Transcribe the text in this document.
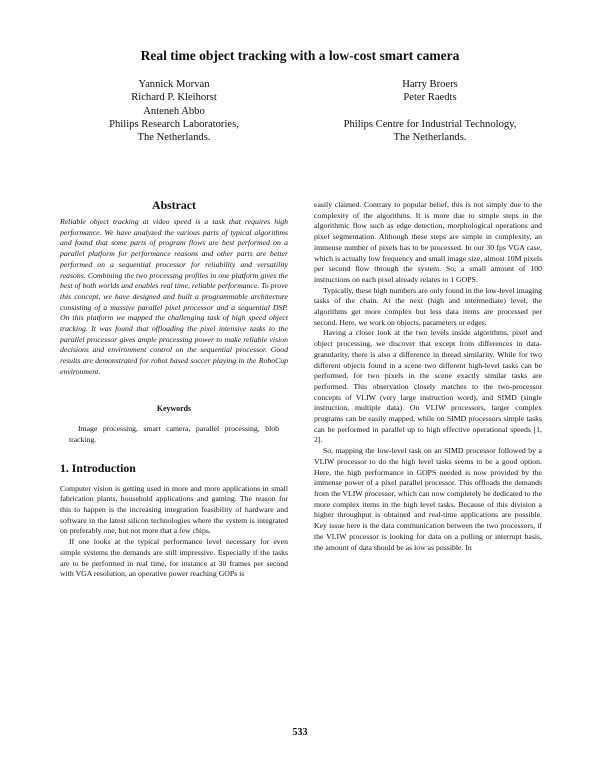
Real time object tracking with a low-cost smart camera
Yannick Morvan
Richard P. Kleihorst
Anteneh Abbo
Philips Research Laboratories,
The Netherlands.
Harry Broers
Peter Raedts

Philips Centre for Industrial Technology,
The Netherlands.
Abstract

Reliable object tracking at video speed is a task that requires high performance. We have analyzed the various parts of typical algorithms and found that some parts of program flows are best performed on a parallel platform for performance reasons and other parts are better performed on a sequential processor for reliability and versatility reasons. Combining the two processing profiles in one platform gives the best of both worlds and enables real time, reliable performance. To prove this concept, we have designed and built a programmable architecture consisting of a massive parallel pixel processor and a sequential DSP. On this platform we mapped the challenging task of high speed object tracking. It was found that offloading the pixel intensive tasks to the parallel processor gives ample processing power to make reliable vision decisions and environment control on the sequential processor. Good results are demonstrated for robot based soccer playing in the RoboCup environment.

Keywords

Image processing, smart camera, parallel processing, blob tracking.

1. Introduction

Computer vision is getting used in more and more applications in small fabrication plants, household applications and gaming. The reason for this to happen is the increasing integration feasibility of hardware and software in the latest silicon technologies where the system is integrated on preferably one, but not more that a few chips.

If one looks at the typical performance level necessary for even simple systems the demands are still impressive. Especially if the tasks are to be performed in real time, for instance at 30 frames per second with VGA resolution, an operative power reaching GOPs is

easily claimed. Contrary to popular belief, this is not simply due to the complexity of the algorithms. It is more due to simple steps in the algorithmic flow such as edge detection, morphological operations and pixel segmentation. Although these steps are simple in complexity, an immense number of pixels has to be processed. In our 30 fps VGA case, which is actually low frequency and small image size, almost 10M pixels per second flow through the system. So, a small amount of 100 instructions on each pixel already relates to 1 GOPS.

Typically, these high numbers are only found in the low-level imaging tasks of the chain. At the next (high and intermediate) level, the algorithms get more complex but less data items are processed per second. Here, we work on objects, parameters or edges.

Having a closer look at the two levels inside algorithms, pixel and object processing, we discover that except from differences in data-granularity, there is also a difference in thread similarity. While for two different objects found in a scene two different high-level tasks can be performed, for two pixels in the scene exactly similar tasks are performed. This observation closely matches to the two-processor concepts of VLIW (very large instruction word), and SIMD (single instruction, multiple data). On VLIW processors, larger complex programs can be easily mapped, while on SIMD processors simple tasks can be performed in parallel up to high effective operational speeds [1, 2].

So, mapping the low-level task on an SIMD processor followed by a VLIW processor to do the high level tasks seems to be a good option. Here, the high performance in GOPS needed is now provided by the immense power of a pixel parallel processor. This offloads the demands from the VLIW processor, which can now completely be dedicated to the more complex items in the high level tasks. Because of this division a higher throughput is obtained and real-time applications are possible. Key issue here is the data communication between the two processors, if the VLIW processor is looking for data on a polling or interrupt basis, the amount of data should be as low as possible. In

533
